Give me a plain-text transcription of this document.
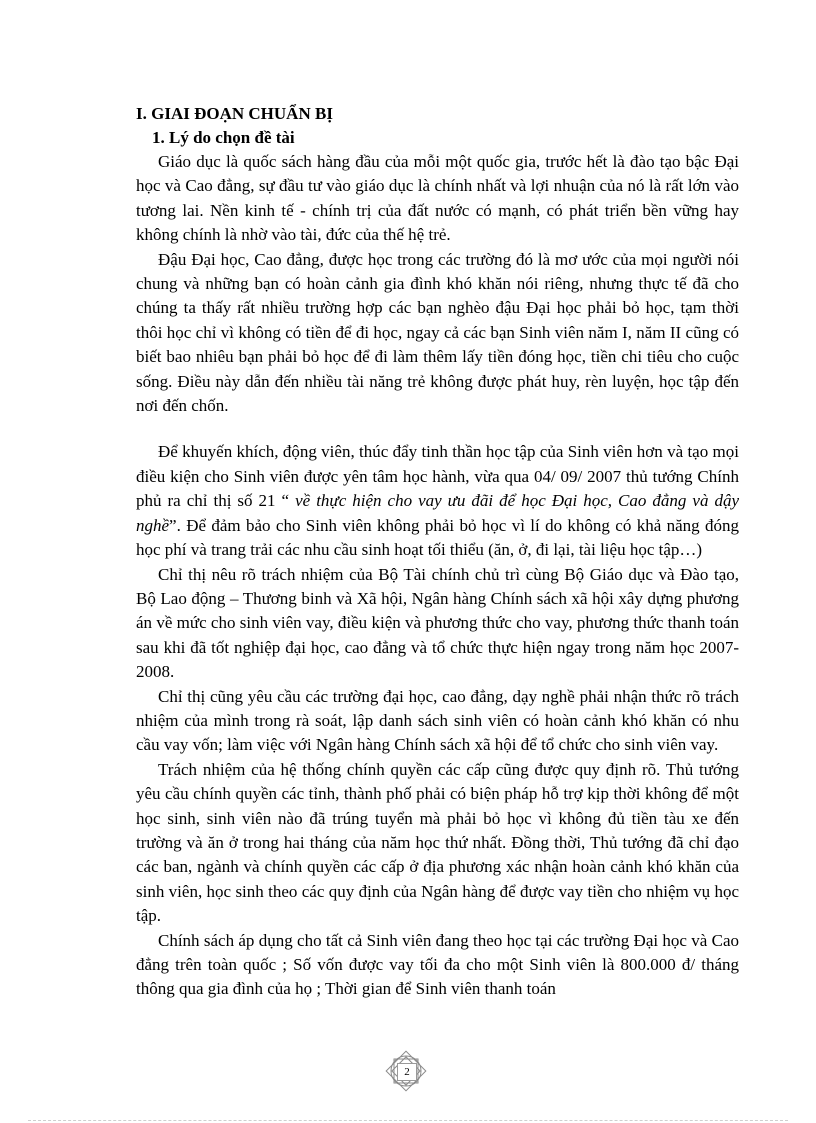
I. GIAI ĐOẠN CHUẨN BỊ
1. Lý do chọn đề tài

Giáo dục là quốc sách hàng đầu của mỗi một quốc gia, trước hết là đào tạo bậc Đại học và Cao đẳng, sự đầu tư vào giáo dục là chính nhất và lợi nhuận của nó là rất lớn vào tương lai. Nền kinh tế - chính trị của đất nước có mạnh, có phát triển bền vững hay không chính là nhờ vào tài, đức của thế hệ trẻ.

Đậu Đại học, Cao đẳng, được học trong các trường đó là mơ ước của mọi người nói chung và những bạn có hoàn cảnh gia đình khó khăn nói riêng, nhưng thực tế đã cho chúng ta thấy rất nhiều trường hợp các bạn nghèo đậu Đại học phải bỏ học, tạm thời thôi học chỉ vì không có tiền để đi học, ngay cả các bạn Sinh viên năm I, năm II cũng có biết bao nhiêu bạn phải bỏ học để đi làm thêm lấy tiền đóng học, tiền chi tiêu cho cuộc sống. Điều này dẫn đến nhiều tài năng trẻ không được phát huy, rèn luyện, học tập đến nơi đến chốn.

Để khuyến khích, động viên, thúc đẩy tinh thần học tập của Sinh viên hơn và tạo mọi điều kiện cho Sinh viên được yên tâm học hành, vừa qua 04/ 09/ 2007 thủ tướng Chính phủ ra chỉ thị số 21 “ về thực hiện cho vay ưu đãi để học Đại học, Cao đẳng và dậy nghề”. Để đảm bảo cho Sinh viên không phải bỏ học vì lí do không có khả năng đóng học phí và trang trải các nhu cầu sinh hoạt tối thiểu (ăn, ở, đi lại, tài liệu học tập…)

Chỉ thị nêu rõ trách nhiệm của Bộ Tài chính chủ trì cùng Bộ Giáo dục và Đào tạo, Bộ Lao động – Thương binh và Xã hội, Ngân hàng Chính sách xã hội xây dựng phương án về mức cho sinh viên vay, điều kiện và phương thức cho vay, phương thức thanh toán sau khi đã tốt nghiệp đại học, cao đẳng và tổ chức thực hiện ngay trong năm học 2007-2008.

Chỉ thị cũng yêu cầu các trường đại học, cao đẳng, dạy nghề phải nhận thức rõ trách nhiệm của mình trong rà soát, lập danh sách sinh viên có hoàn cảnh khó khăn có nhu cầu vay vốn; làm việc với Ngân hàng Chính sách xã hội để tổ chức cho sinh viên vay.

Trách nhiệm của hệ thống chính quyền các cấp cũng được quy định rõ. Thủ tướng yêu cầu chính quyền các tỉnh, thành phố phải có biện pháp hỗ trợ kịp thời không để một học sinh, sinh viên nào đã trúng tuyển mà phải bỏ học vì không đủ tiền tàu xe đến trường và ăn ở trong hai tháng của năm học thứ nhất. Đồng thời, Thủ tướng đã chỉ đạo các ban, ngành và chính quyền các cấp ở địa phương xác nhận hoàn cảnh khó khăn của sinh viên, học sinh theo các quy định của Ngân hàng để được vay tiền cho nhiệm vụ học tập.

Chính sách áp dụng cho tất cả Sinh viên đang theo học tại các trường Đại học và Cao đẳng trên toàn quốc ; Số vốn được vay tối đa cho một Sinh viên là 800.000 đ/ tháng thông qua gia đình của họ ; Thời gian để Sinh viên thanh toán

2
